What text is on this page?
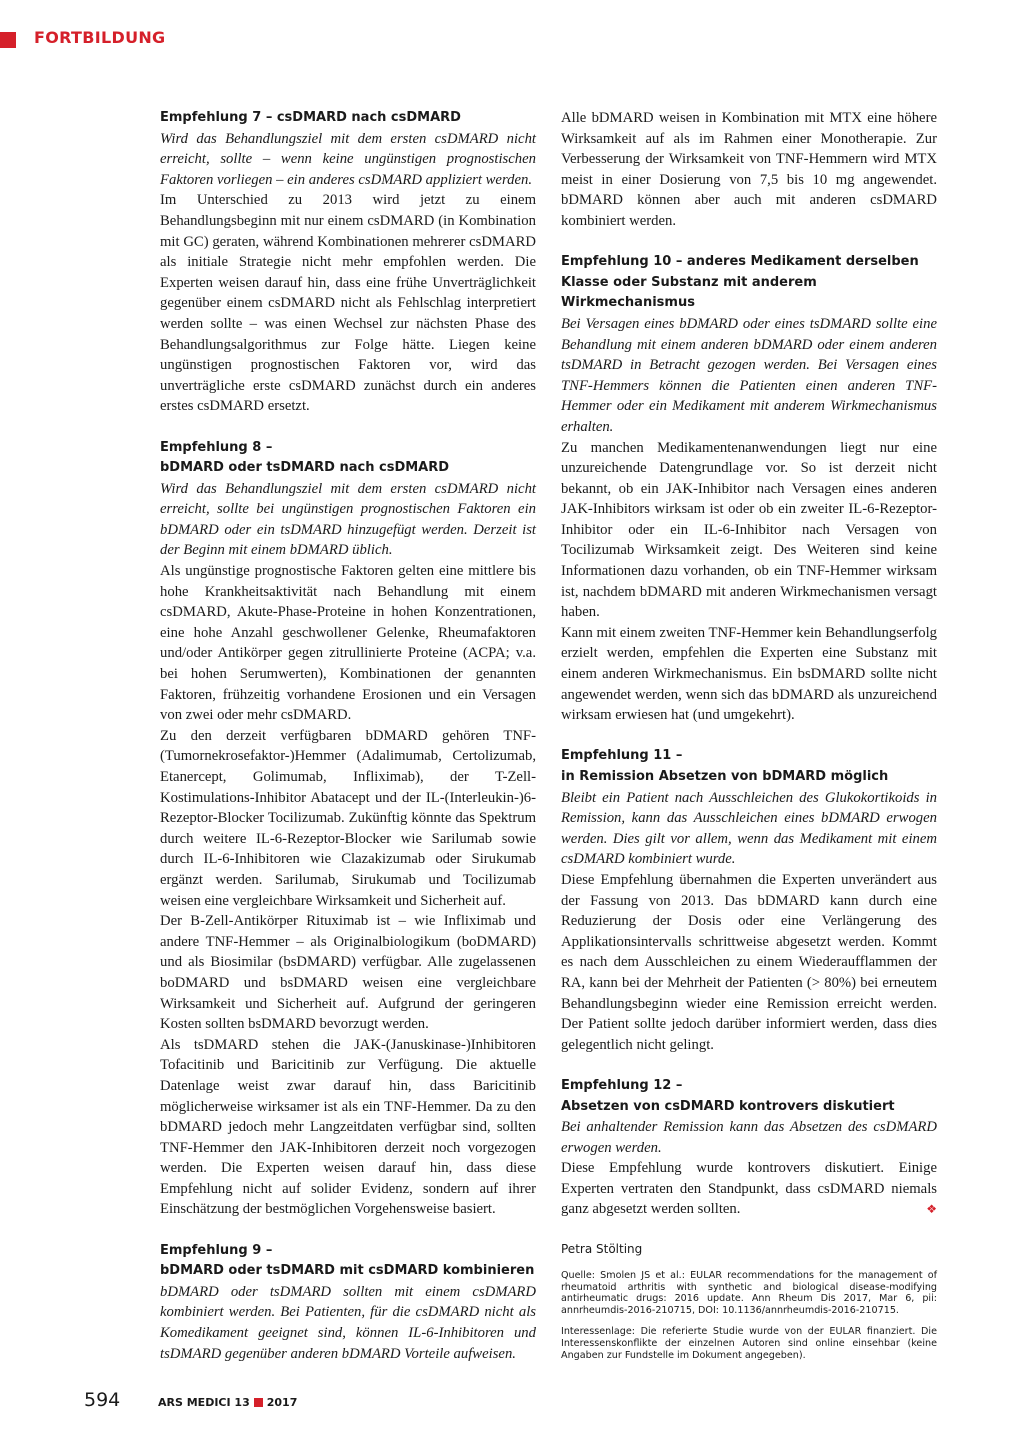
FORTBILDUNG
Empfehlung 7 – csDMARD nach csDMARD

Wird das Behandlungsziel mit dem ersten csDMARD nicht erreicht, sollte – wenn keine ungünstigen prognostischen Faktoren vorliegen – ein anderes csDMARD appliziert werden.

Im Unterschied zu 2013 wird jetzt zu einem Behandlungsbeginn mit nur einem csDMARD (in Kombination mit GC) geraten, während Kombinationen mehrerer csDMARD als initiale Strategie nicht mehr empfohlen werden. Die Experten weisen darauf hin, dass eine frühe Unverträglichkeit gegenüber einem csDMARD nicht als Fehlschlag interpretiert werden sollte – was einen Wechsel zur nächsten Phase des Behandlungsalgorithmus zur Folge hätte. Liegen keine ungünstigen prognostischen Faktoren vor, wird das unverträgliche erste csDMARD zunächst durch ein anderes erstes csDMARD ersetzt.

Empfehlung 8 –
bDMARD oder tsDMARD nach csDMARD

Wird das Behandlungsziel mit dem ersten csDMARD nicht erreicht, sollte bei ungünstigen prognostischen Faktoren ein bDMARD oder ein tsDMARD hinzugefügt werden. Derzeit ist der Beginn mit einem bDMARD üblich.

Als ungünstige prognostische Faktoren gelten eine mittlere bis hohe Krankheitsaktivität nach Behandlung mit einem csDMARD, Akute-Phase-Proteine in hohen Konzentrationen, eine hohe Anzahl geschwollener Gelenke, Rheumafaktoren und/oder Antikörper gegen zitrullinierte Proteine (ACPA; v.a. bei hohen Serumwerten), Kombinationen der genannten Faktoren, frühzeitig vorhandene Erosionen und ein Versagen von zwei oder mehr csDMARD.

Zu den derzeit verfügbaren bDMARD gehören TNF-(Tumornekrosefaktor-)Hemmer (Adalimumab, Certolizumab, Etanercept, Golimumab, Infliximab), der T-Zell-Kostimulations-Inhibitor Abatacept und der IL-(Interleukin-)6-Rezeptor-Blocker Tocilizumab. Zukünftig könnte das Spektrum durch weitere IL-6-Rezeptor-Blocker wie Sarilumab sowie durch IL-6-Inhibitoren wie Clazakizumab oder Sirukumab ergänzt werden. Sarilumab, Sirukumab und Tocilizumab weisen eine vergleichbare Wirksamkeit und Sicherheit auf.

Der B-Zell-Antikörper Rituximab ist – wie Infliximab und andere TNF-Hemmer – als Originalbiologikum (boDMARD) und als Biosimilar (bsDMARD) verfügbar. Alle zugelassenen boDMARD und bsDMARD weisen eine vergleichbare Wirksamkeit und Sicherheit auf. Aufgrund der geringeren Kosten sollten bsDMARD bevorzugt werden.

Als tsDMARD stehen die JAK-(Januskinase-)Inhibitoren Tofacitinib und Baricitinib zur Verfügung. Die aktuelle Datenlage weist zwar darauf hin, dass Baricitinib möglicherweise wirksamer ist als ein TNF-Hemmer. Da zu den bDMARD jedoch mehr Langzeitdaten verfügbar sind, sollten TNF-Hemmer den JAK-Inhibitoren derzeit noch vorgezogen werden. Die Experten weisen darauf hin, dass diese Empfehlung nicht auf solider Evidenz, sondern auf ihrer Einschätzung der bestmöglichen Vorgehensweise basiert.

Empfehlung 9 –
bDMARD oder tsDMARD mit csDMARD kombinieren

bDMARD oder tsDMARD sollten mit einem csDMARD kombiniert werden. Bei Patienten, für die csDMARD nicht als Komedikament geeignet sind, können IL-6-Inhibitoren und tsDMARD gegenüber anderen bDMARD Vorteile aufweisen.

Alle bDMARD weisen in Kombination mit MTX eine höhere Wirksamkeit auf als im Rahmen einer Monotherapie. Zur Verbesserung der Wirksamkeit von TNF-Hemmern wird MTX meist in einer Dosierung von 7,5 bis 10 mg angewendet. bDMARD können aber auch mit anderen csDMARD kombiniert werden.

Empfehlung 10 – anderes Medikament derselben
Klasse oder Substanz mit anderem Wirkmechanismus

Bei Versagen eines bDMARD oder eines tsDMARD sollte eine Behandlung mit einem anderen bDMARD oder einem anderen tsDMARD in Betracht gezogen werden. Bei Versagen eines TNF-Hemmers können die Patienten einen anderen TNF-Hemmer oder ein Medikament mit anderem Wirkmechanismus erhalten.

Zu manchen Medikamentenanwendungen liegt nur eine unzureichende Datengrundlage vor. So ist derzeit nicht bekannt, ob ein JAK-Inhibitor nach Versagen eines anderen JAK-Inhibitors wirksam ist oder ob ein zweiter IL-6-Rezeptor-Inhibitor oder ein IL-6-Inhibitor nach Versagen von Tocilizumab Wirksamkeit zeigt. Des Weiteren sind keine Informationen dazu vorhanden, ob ein TNF-Hemmer wirksam ist, nachdem bDMARD mit anderen Wirkmechanismen versagt haben.

Kann mit einem zweiten TNF-Hemmer kein Behandlungserfolg erzielt werden, empfehlen die Experten eine Substanz mit einem anderen Wirkmechanismus. Ein bsDMARD sollte nicht angewendet werden, wenn sich das bDMARD als unzureichend wirksam erwiesen hat (und umgekehrt).

Empfehlung 11 –
in Remission Absetzen von bDMARD möglich

Bleibt ein Patient nach Ausschleichen des Glukokortikoids in Remission, kann das Ausschleichen eines bDMARD erwogen werden. Dies gilt vor allem, wenn das Medikament mit einem csDMARD kombiniert wurde.

Diese Empfehlung übernahmen die Experten unverändert aus der Fassung von 2013. Das bDMARD kann durch eine Reduzierung der Dosis oder eine Verlängerung des Applikationsintervalls schrittweise abgesetzt werden. Kommt es nach dem Ausschleichen zu einem Wiederaufflammen der RA, kann bei der Mehrheit der Patienten (> 80%) bei erneutem Behandlungsbeginn wieder eine Remission erreicht werden. Der Patient sollte jedoch darüber informiert werden, dass dies gelegentlich nicht gelingt.

Empfehlung 12 –
Absetzen von csDMARD kontrovers diskutiert

Bei anhaltender Remission kann das Absetzen des csDMARD erwogen werden.

Diese Empfehlung wurde kontrovers diskutiert. Einige Experten vertraten den Standpunkt, dass csDMARD niemals ganz abgesetzt werden sollten.	❖

Petra Stölting

Quelle: Smolen JS et al.: EULAR recommendations for the management of rheumatoid arthritis with synthetic and biological disease-modifying antirheumatic drugs: 2016 update. Ann Rheum Dis 2017, Mar 6, pii: annrheumdis-2016-210715, DOI: 10.1136/annrheumdis-2016-210715.

Interessenlage: Die referierte Studie wurde von der EULAR finanziert. Die Interessenskonflikte der einzelnen Autoren sind online einsehbar (keine Angaben zur Fundstelle im Dokument angegeben).

594	ARS MEDICI 13 2017
